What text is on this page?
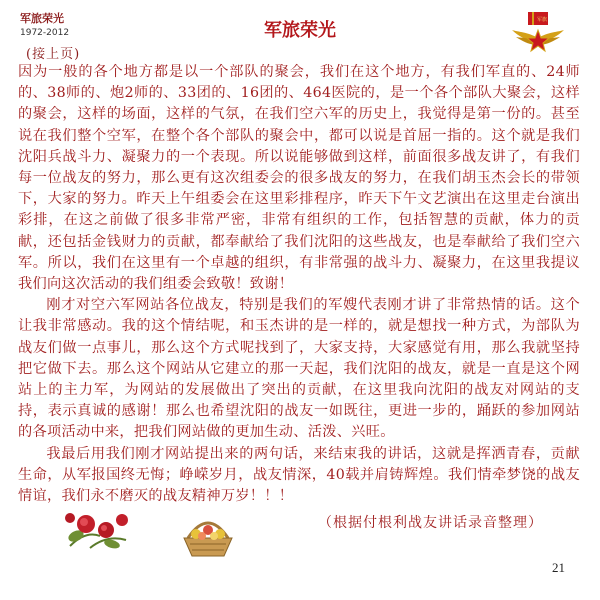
军旅荣光
1972-2012	军旅荣光	军旗
(接上页)

因为一般的各个地方都是以一个部队的聚会，我们在这个地方，有我们军直的、24师的、38师的、炮2师的、33团的、16团的、464医院的，是一个各个部队大聚会，这样的聚会，这样的场面，这样的气氛，在我们空六军的历史上，我觉得是第一份的。甚至说在我们整个空军，在整个各个部队的聚会中，都可以说是首屈一指的。这个就是我们沈阳兵战斗力、凝聚力的一个表现。所以说能够做到这样，前面很多战友讲了，有我们每一位战友的努力，那么更有这次组委会的很多战友的努力，在我们胡玉杰会长的带领下，大家的努力。昨天上午组委会在这里彩排程序，昨天下午文艺演出在这里走台演出彩排，在这之前做了很多非常严密，非常有组织的工作，包括智慧的贡献，体力的贡献，还包括金钱财力的贡献，都奉献给了我们沈阳的这些战友，也是奉献给了我们空六军。所以，我们在这里有一个卓越的组织，有非常强的战斗力、凝聚力，在这里我提议我们向这次活动的我们组委会致敬！致谢！

刚才对空六军网站各位战友，特别是我们的军嫂代表刚才讲了非常热情的话。这个让我非常感动。我的这个情结呢，和玉杰讲的是一样的，就是想找一种方式，为部队为战友们做一点事儿，那么这个方式呢找到了，大家支持，大家感觉有用，那么我就坚持把它做下去。那么这个网站从它建立的那一天起，我们沈阳的战友，就是一直是这个网站上的主力军，为网站的发展做出了突出的贡献，在这里我向沈阳的战友对网站的支持，表示真诚的感谢！那么也希望沈阳的战友一如既往，更进一步的，踊跃的参加网站的各项活动中来，把我们网站做的更加生动、活泼、兴旺。

我最后用我们刚才网站提出来的两句话，来结束我的讲话，这就是挥洒青春，贡献生命，从军报国终无悔；峥嵘岁月，战友情深，40载并肩铸辉煌。我们情牵梦饶的战友情谊，我们永不磨灭的战友精神万岁！！！

（根据付根利战友讲话录音整理）
21
